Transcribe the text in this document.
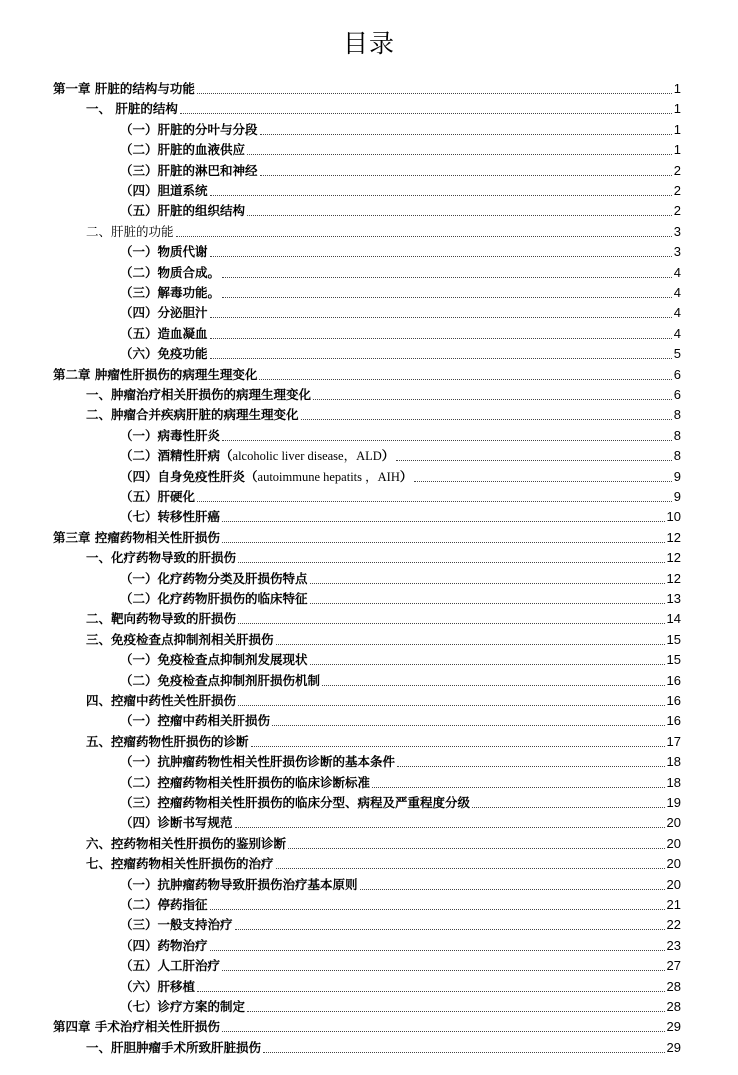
目录
第一章 肝脏的结构与功能	1
一、 肝脏的结构	1
（一）肝脏的分叶与分段	1
（二）肝脏的血液供应	1
（三）肝脏的淋巴和神经	2
（四）胆道系统	2
（五）肝脏的组织结构	2
二、肝脏的功能	3
（一）物质代谢	3
（二）物质合成。	4
（三）解毒功能。	4
（四）分泌胆汁	4
（五）造血凝血	4
（六）免疫功能	5
第二章 肿瘤性肝损伤的病理生理变化	6
一、肿瘤治疗相关肝损伤的病理生理变化	6
二、肿瘤合并疾病肝脏的病理生理变化	8
（一）病毒性肝炎	8
（二）酒精性肝病（alcoholic liver disease，ALD）	8
（四）自身免疫性肝炎（autoimmune hepatits ，AIH）	9
（五）肝硬化	9
（七）转移性肝癌	10
第三章 控瘤药物相关性肝损伤	12
一、化疗药物导致的肝损伤	12
（一）化疗药物分类及肝损伤特点	12
（二）化疗药物肝损伤的临床特征	13
二、靶向药物导致的肝损伤	14
三、免疫检查点抑制剂相关肝损伤	15
（一）免疫检查点抑制剂发展现状	15
（二）免疫检查点抑制剂肝损伤机制	16
四、控瘤中药性关性肝损伤	16
（一）控瘤中药相关肝损伤	16
五、控瘤药物性肝损伤的诊断	17
（一）抗肿瘤药物性相关性肝损伤诊断的基本条件	18
（二）控瘤药物相关性肝损伤的临床诊断标准	18
（三）控瘤药物相关性肝损伤的临床分型、病程及严重程度分级	19
（四）诊断书写规范	20
六、控药物相关性肝损伤的鉴别诊断	20
七、控瘤药物相关性肝损伤的治疗	20
（一）抗肿瘤药物导致肝损伤治疗基本原则	20
（二）停药指征	21
（三）一般支持治疗	22
（四）药物治疗	23
（五）人工肝治疗	27
（六）肝移植	28
（七）诊疗方案的制定	28
第四章 手术治疗相关性肝损伤	29
一、肝胆肿瘤手术所致肝脏损伤	29
